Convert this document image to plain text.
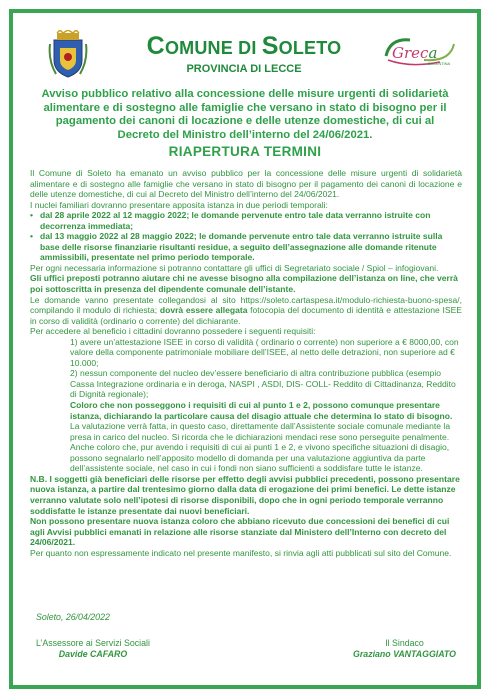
COMUNE DI SOLETO
PROVINCIA DI LECCE
Greca
SALENTINA
Avviso pubblico relativo alla concessione delle misure urgenti di solidarietà alimentare e di sostegno alle famiglie che versano in stato di bisogno per il pagamento dei canoni di locazione e delle utenze domestiche, di cui al Decreto del Ministro dell’interno del 24/06/2021.
RIAPERTURA TERMINI

Il Comune di Soleto ha emanato un avviso pubblico per la concessione delle misure urgenti di solidarietà alimentare e di sostegno alle famiglie che versano in stato di bisogno per il pagamento dei canoni di locazione e delle utenze domestiche, di cui al Decreto del Ministro dell’interno del 24/06/2021.

I nuclei familiari dovranno presentare apposita istanza in due periodi temporali:

• dal 28 aprile 2022 al 12 maggio 2022; le domande pervenute entro tale data verranno istruite con decorrenza immediata;

• dal 13 maggio 2022 al 28 maggio 2022; le domande pervenute entro tale data verranno istruite sulla base delle risorse finanziarie risultanti residue, a seguito dell’assegnazione alle domande ritenute ammissibili, presentate nel primo periodo temporale.

Per ogni necessaria informazione si potranno contattare gli uffici di Segretariato sociale / Spiol – infogiovani.

Gli uffici preposti potranno aiutare chi ne avesse bisogno alla compilazione dell’istanza on line, che verrà poi sottoscritta in presenza del dipendente comunale dell’istante.

Le domande vanno presentate collegandosi al sito https://soleto.cartaspesa.it/modulo-richiesta-buono-spesa/, compilando il modulo di richiesta; dovrà essere allegata fotocopia del documento di identità e attestazione ISEE in corso di validità (ordinario o corrente) del dichiarante.

Per accedere al beneficio i cittadini dovranno possedere i seguenti requisiti:

1) avere un’attestazione ISEE in corso di validità ( ordinario o corrente) non superiore a € 8000,00, con valore della componente patrimoniale mobiliare dell’ISEE, al netto delle detrazioni, non superiore ad € 10.000;

2) nessun componente del nucleo dev’essere beneficiario di altra contribuzione pubblica (esempio Cassa Integrazione ordinaria e in deroga, NASPI , ASDI, DIS- COLL- Reddito di Cittadinanza, Reddito di Dignità regionale);

Coloro che non posseggono i requisiti di cui al punto 1 e 2, possono comunque presentare istanza, dichiarando la particolare causa del disagio attuale che determina lo stato di bisogno. La valutazione verrà fatta, in questo caso, direttamente dall’Assistente sociale comunale mediante la presa in carico del nucleo. Si ricorda che le dichiarazioni mendaci rese sono perseguite penalmente. Anche coloro che, pur avendo i requisiti di cui ai punti 1 e 2, e vivono specifiche situazioni di disagio, possono segnalarlo nell’apposito modello di domanda per una valutazione aggiuntiva da parte dell’assistente sociale, nel caso in cui i fondi non siano sufficienti a soddisfare tutte le istanze.

N.B. I soggetti già beneficiari delle risorse per effetto degli avvisi pubblici precedenti, possono presentare nuova istanza, a partire dal trentesimo giorno dalla data di erogazione dei primi benefici. Le dette istanze verranno valutate solo nell’ipotesi di risorse disponibili, dopo che in ogni periodo temporale verranno soddisfatte le istanze presentate dai nuovi beneficiari.

Non possono presentare nuova istanza coloro che abbiano ricevuto due concessioni dei benefici di cui agli Avvisi pubblici emanati in relazione alle risorse stanziate dal Ministero dell’Interno con decreto del 24/06/2021.

Per quanto non espressamente indicato nel presente manifesto, si rinvia agli atti pubblicati sul sito del Comune.

Soleto, 26/04/2022
L’Assessore ai Servizi Sociali
Davide CAFARO
Il Sindaco
Graziano VANTAGGIATO
